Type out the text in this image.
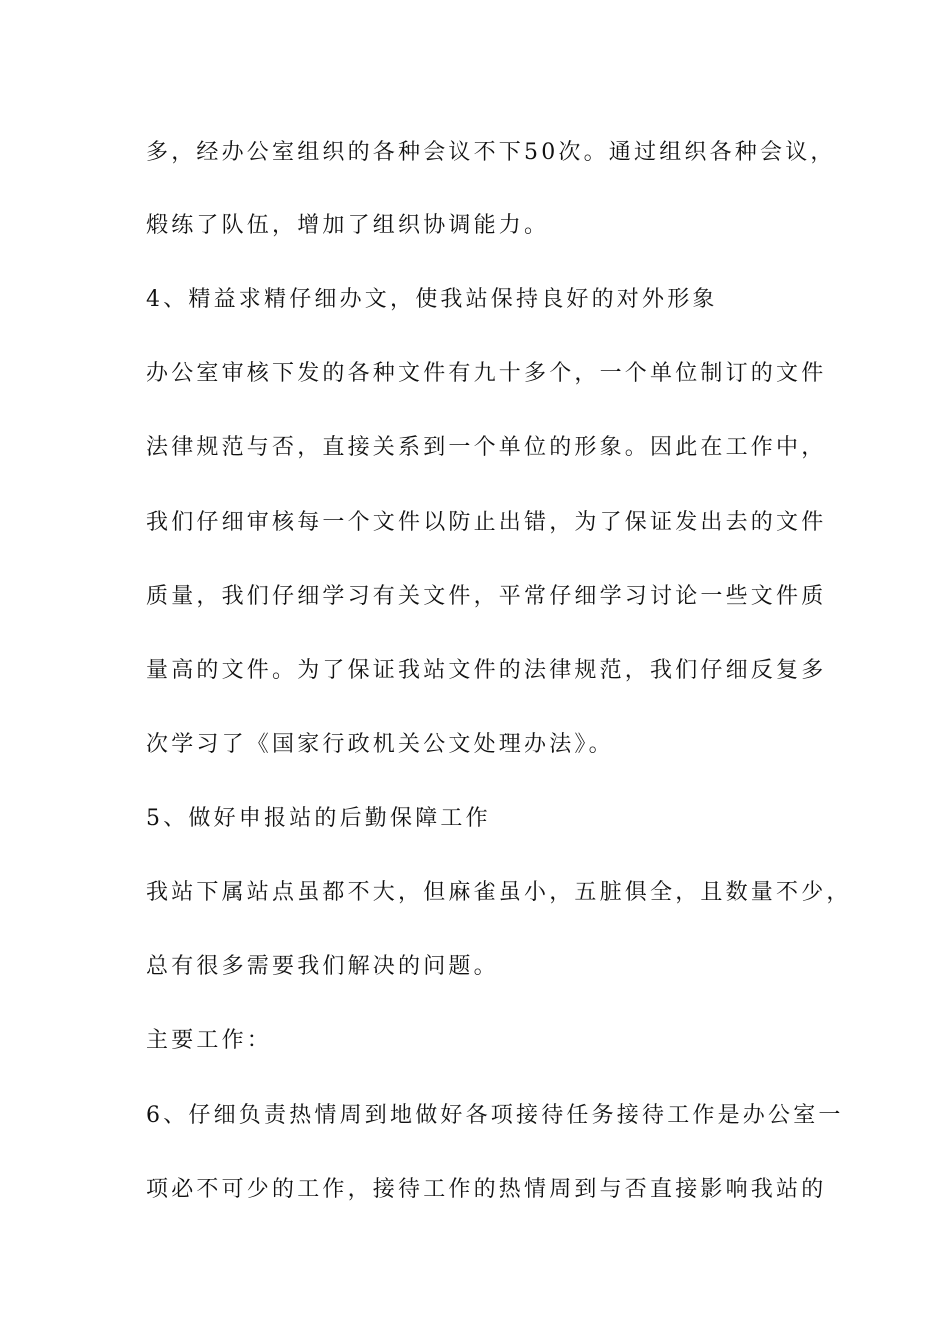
多，经办公室组织的各种会议不下50次。通过组织各种会议，
煅练了队伍，增加了组织协调能力。
4、精益求精仔细办文，使我站保持良好的对外形象
办公室审核下发的各种文件有九十多个，一个单位制订的文件
法律规范与否，直接关系到一个单位的形象。因此在工作中，
我们仔细审核每一个文件以防止出错，为了保证发出去的文件
质量，我们仔细学习有关文件，平常仔细学习讨论一些文件质
量高的文件。为了保证我站文件的法律规范，我们仔细反复多
次学习了《国家行政机关公文处理办法》。
5、做好申报站的后勤保障工作
我站下属站点虽都不大，但麻雀虽小，五脏俱全，且数量不少，
总有很多需要我们解决的问题。
主要工作：
6、仔细负责热情周到地做好各项接待任务接待工作是办公室一
项必不可少的工作，接待工作的热情周到与否直接影响我站的
